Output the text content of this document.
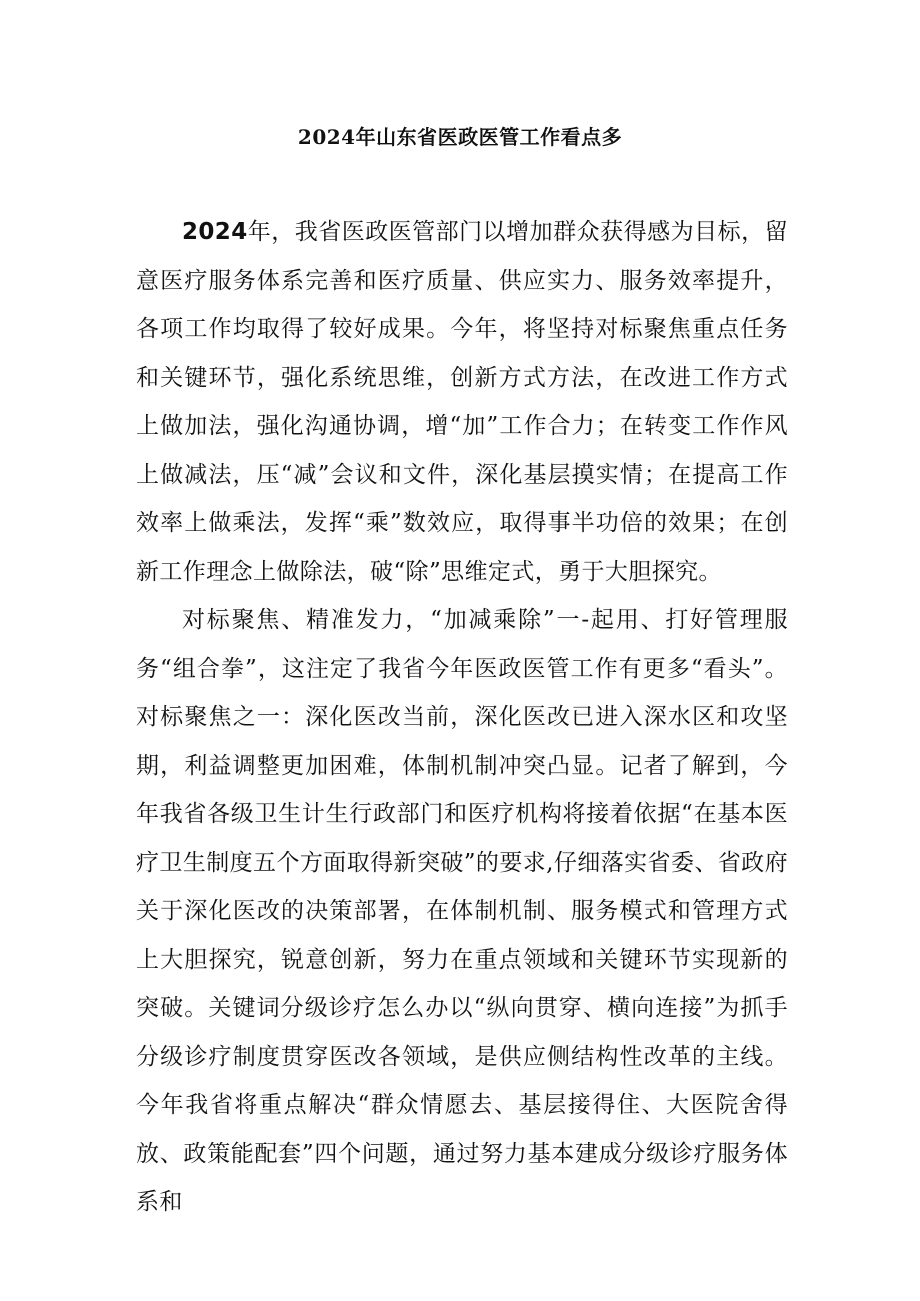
2024年山东省医政医管工作看点多

2024年，我省医政医管部门以增加群众获得感为目标，留意医疗服务体系完善和医疗质量、供应实力、服务效率提升，各项工作均取得了较好成果。今年，将坚持对标聚焦重点任务和关键环节，强化系统思维，创新方式方法，在改进工作方式上做加法，强化沟通协调，增“加”工作合力；在转变工作作风上做减法，压“减”会议和文件，深化基层摸实情；在提高工作效率上做乘法，发挥“乘”数效应，取得事半功倍的效果；在创新工作理念上做除法，破“除”思维定式，勇于大胆探究。

对标聚焦、精准发力，“加减乘除”一-起用、打好管理服务“组合拳”，这注定了我省今年医政医管工作有更多“看头”。对标聚焦之一：深化医改当前，深化医改已进入深水区和攻坚期，利益调整更加困难，体制机制冲突凸显。记者了解到，今年我省各级卫生计生行政部门和医疗机构将接着依据“在基本医疗卫生制度五个方面取得新突破”的要求,仔细落实省委、省政府关于深化医改的决策部署，在体制机制、服务模式和管理方式上大胆探究，锐意创新，努力在重点领域和关键环节实现新的突破。关键词分级诊疗怎么办以“纵向贯穿、横向连接”为抓手分级诊疗制度贯穿医改各领域，是供应侧结构性改革的主线。今年我省将重点解决“群众情愿去、基层接得住、大医院舍得放、政策能配套”四个问题，通过努力基本建成分级诊疗服务体系和
